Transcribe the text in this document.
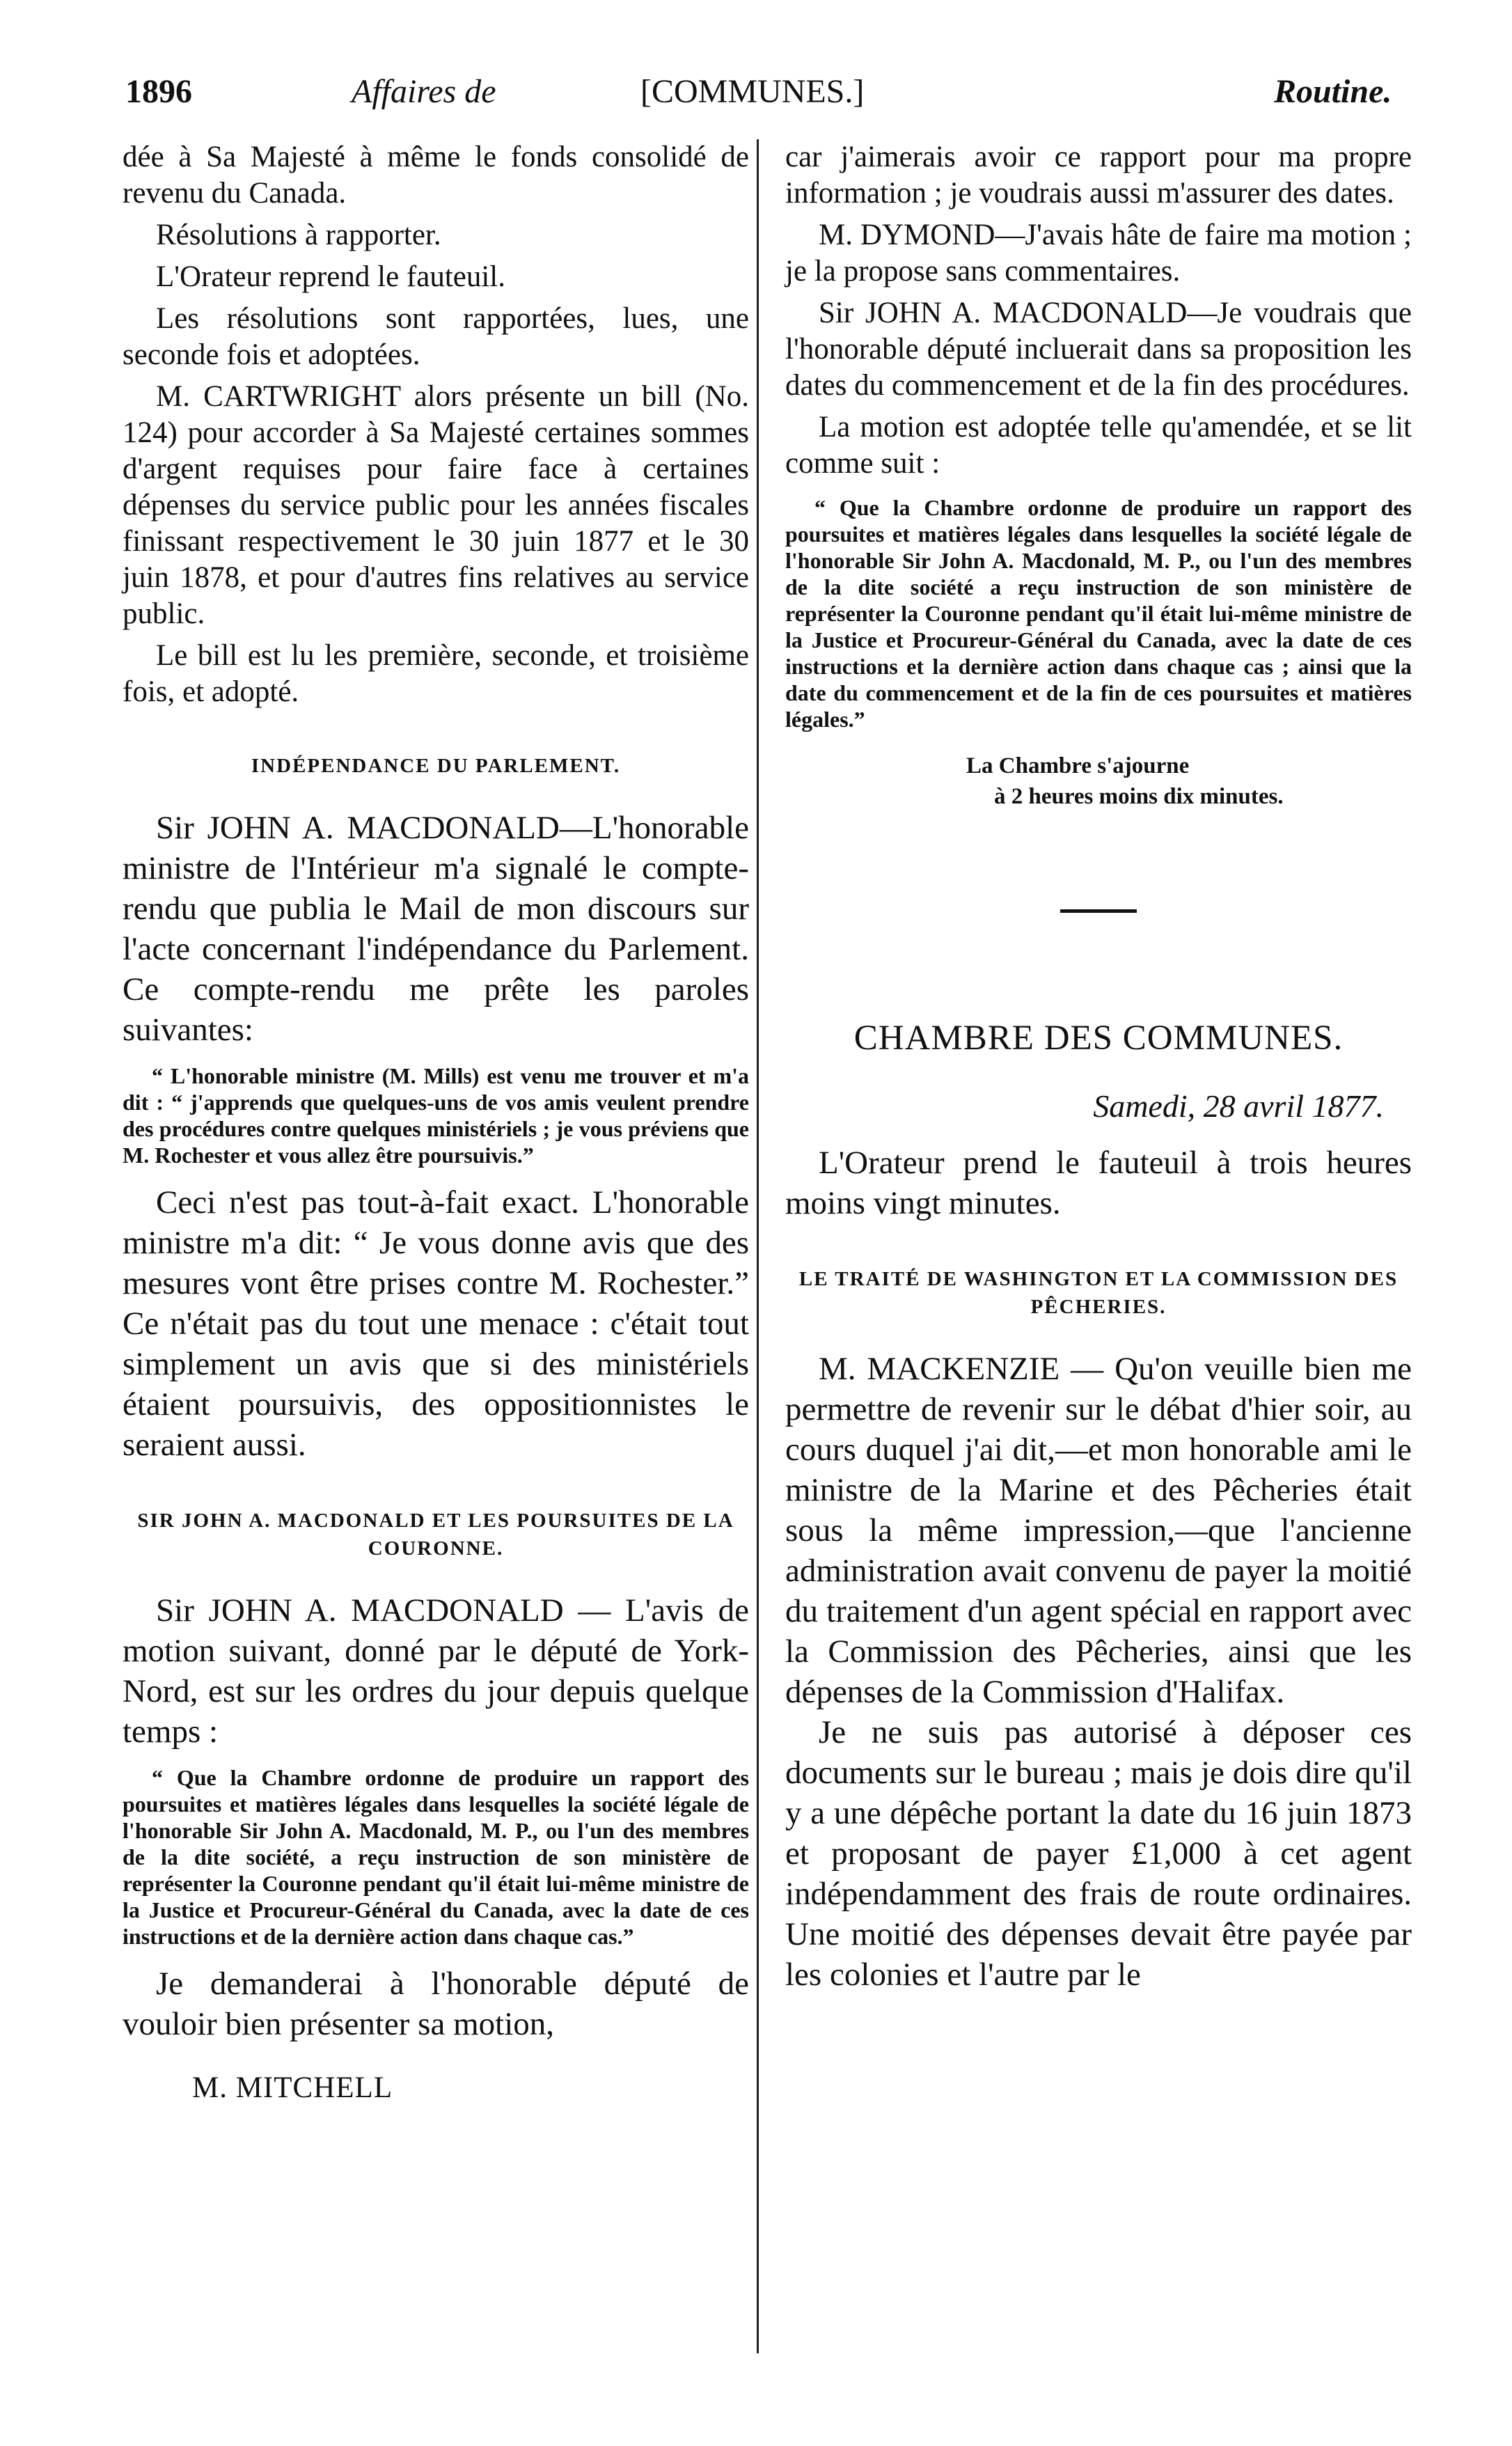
1896	Affaires de	[COMMUNES.]	Routine.

dée à Sa Majesté à même le fonds consolidé de revenu du Canada.

Résolutions à rapporter.

L'Orateur reprend le fauteuil.

Les résolutions sont rapportées, lues, une seconde fois et adoptées.

M. CARTWRIGHT alors présente un bill (No. 124) pour accorder à Sa Majesté certaines sommes d'argent requises pour faire face à certaines dépenses du service public pour les années fiscales finissant respectivement le 30 juin 1877 et le 30 juin 1878, et pour d'autres fins relatives au service public.

Le bill est lu les première, seconde, et troisième fois, et adopté.

INDÉPENDANCE DU PARLEMENT.

Sir JOHN A. MACDONALD—L'honorable ministre de l'Intérieur m'a signalé le compte-rendu que publia le Mail de mon discours sur l'acte concernant l'indépendance du Parlement. Ce compte-rendu me prête les paroles suivantes:

“ L'honorable ministre (M. Mills) est venu me trouver et m'a dit : “ j'apprends que quelques-uns de vos amis veulent prendre des procédures contre quelques ministériels ; je vous préviens que M. Rochester et vous allez être poursuivis.”

Ceci n'est pas tout-à-fait exact. L'honorable ministre m'a dit: “ Je vous donne avis que des mesures vont être prises contre M. Rochester.” Ce n'était pas du tout une menace : c'était tout simplement un avis que si des ministériels étaient poursuivis, des oppositionnistes le seraient aussi.

SIR JOHN A. MACDONALD ET LES POURSUITES DE LA COURONNE.

Sir JOHN A. MACDONALD — L'avis de motion suivant, donné par le député de York-Nord, est sur les ordres du jour depuis quelque temps :

“ Que la Chambre ordonne de produire un rapport des poursuites et matières légales dans lesquelles la société légale de l'honorable Sir John A. Macdonald, M. P., ou l'un des membres de la dite société, a reçu instruction de son ministère de représenter la Couronne pendant qu'il était lui-même ministre de la Justice et Procureur-Général du Canada, avec la date de ces instructions et de la dernière action dans chaque cas.”

Je demanderai à l'honorable député de vouloir bien présenter sa motion,

M. MITCHELL

car j'aimerais avoir ce rapport pour ma propre information ; je voudrais aussi m'assurer des dates.

M. DYMOND—J'avais hâte de faire ma motion ; je la propose sans commentaires.

Sir JOHN A. MACDONALD—Je voudrais que l'honorable député incluerait dans sa proposition les dates du commencement et de la fin des procédures.

La motion est adoptée telle qu'amendée, et se lit comme suit :

“ Que la Chambre ordonne de produire un rapport des poursuites et matières légales dans lesquelles la société légale de l'honorable Sir John A. Macdonald, M. P., ou l'un des membres de la dite société a reçu instruction de son ministère de représenter la Couronne pendant qu'il était lui-même ministre de la Justice et Procureur-Général du Canada, avec la date de ces instructions et la dernière action dans chaque cas ; ainsi que la date du commencement et de la fin de ces poursuites et matières légales.”

La Chambre s'ajourne
à 2 heures moins dix minutes.

CHAMBRE DES COMMUNES.

Samedi, 28 avril 1877.

L'Orateur prend le fauteuil à trois heures moins vingt minutes.

LE TRAITÉ DE WASHINGTON ET LA COMMISSION DES PÊCHERIES.

M. MACKENZIE — Qu'on veuille bien me permettre de revenir sur le débat d'hier soir, au cours duquel j'ai dit,—et mon honorable ami le ministre de la Marine et des Pêcheries était sous la même impression,—que l'ancienne administration avait convenu de payer la moitié du traitement d'un agent spécial en rapport avec la Commission des Pêcheries, ainsi que les dépenses de la Commission d'Halifax.

Je ne suis pas autorisé à déposer ces documents sur le bureau ; mais je dois dire qu'il y a une dépêche portant la date du 16 juin 1873 et proposant de payer £1,000 à cet agent indépendamment des frais de route ordinaires. Une moitié des dépenses devait être payée par les colonies et l'autre par le
